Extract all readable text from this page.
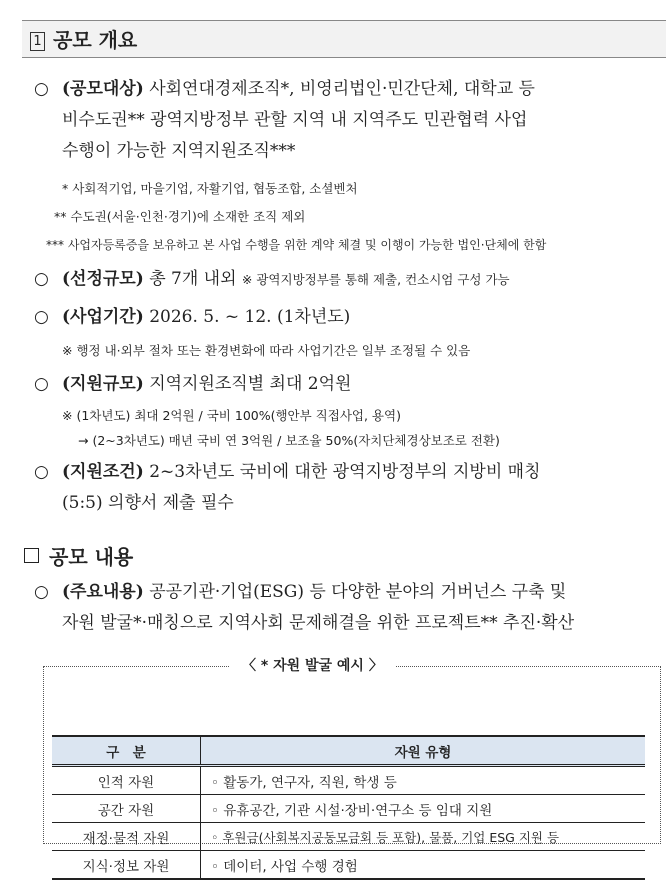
1 공모 개요
○ (공모대상) 사회연대경제조직*, 비영리법인·민간단체, 대학교 등
비수도권** 광역지방정부 관할 지역 내 지역주도 민관협력 사업
수행이 가능한 지역지원조직***
* 사회적기업, 마을기업, 자활기업, 협동조합, 소셜벤처
** 수도권(서울·인천·경기)에 소재한 조직 제외
*** 사업자등록증을 보유하고 본 사업 수행을 위한 계약 체결 및 이행이 가능한 법인·단체에 한함
○ (선정규모) 총 7개 내외 ※ 광역지방정부를 통해 제출, 컨소시엄 구성 가능
○ (사업기간) 2026. 5. ~ 12. (1차년도)
※ 행정 내·외부 절차 또는 환경변화에 따라 사업기간은 일부 조정될 수 있음
○ (지원규모) 지역지원조직별 최대 2억원
※ (1차년도) 최대 2억원 / 국비 100%(행안부 직접사업, 용역)
→ (2~3차년도) 매년 국비 연 3억원 / 보조율 50%(자치단체경상보조로 전환)
○ (지원조건) 2~3차년도 국비에 대한 광역지방정부의 지방비 매칭
(5:5) 의향서 제출 필수
공모 내용
○ (주요내용) 공공기관·기업(ESG) 등 다양한 분야의 거버넌스 구축 및
자원 발굴*·매칭으로 지역사회 문제해결을 위한 프로젝트** 추진·확산
〈 * 자원 발굴 예시 〉
구　분	자원 유형
인적 자원	◦ 활동가, 연구자, 직원, 학생 등
공간 자원	◦ 유휴공간, 기관 시설·장비·연구소 등 임대 지원
재정·물적 자원	◦ 후원금(사회복지공동모금회 등 포함), 물품, 기업 ESG 지원 등
지식·정보 자원	◦ 데이터, 사업 수행 경험
